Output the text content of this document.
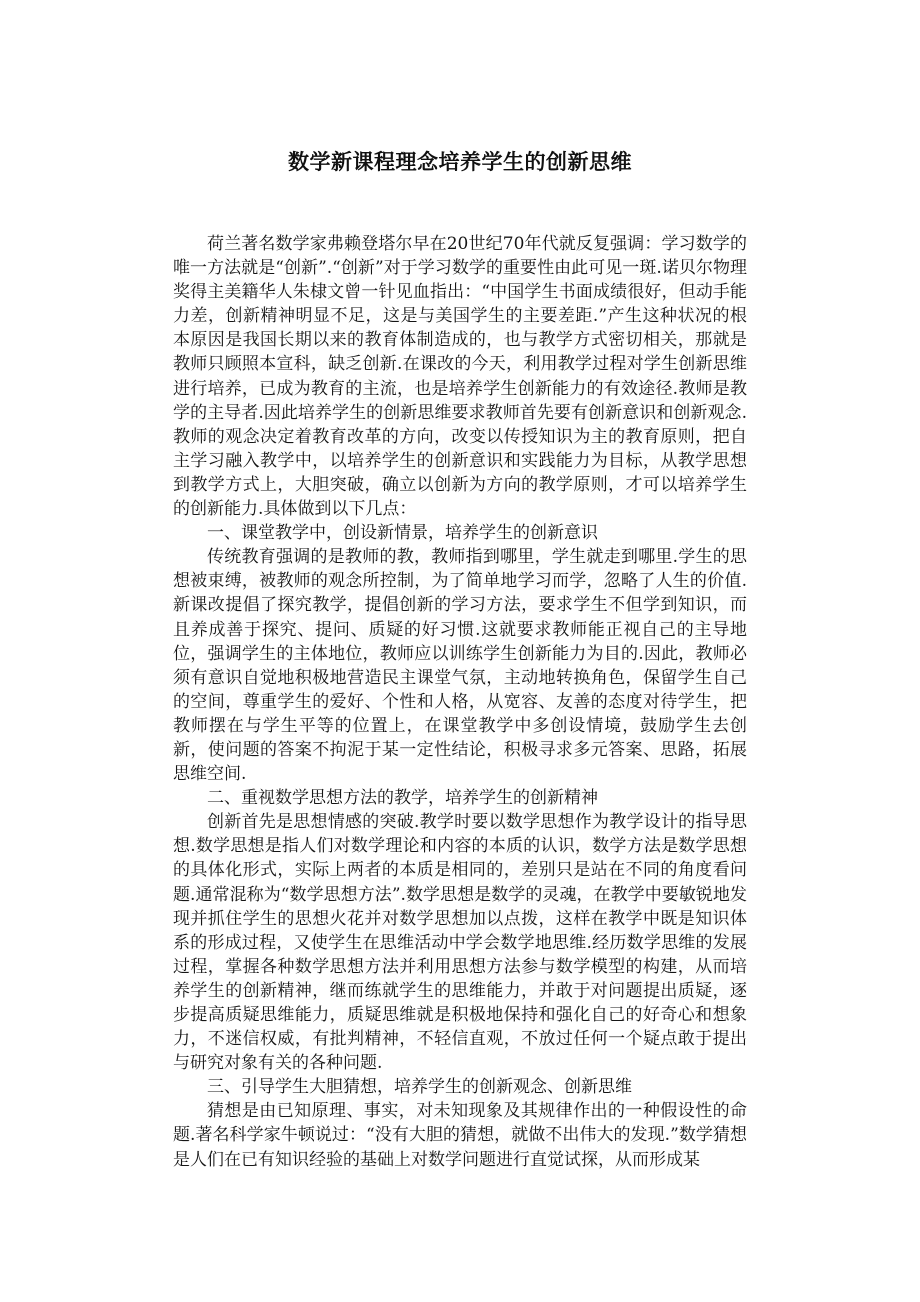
数学新课程理念培养学生的创新思维

荷兰著名数学家弗赖登塔尔早在20世纪70年代就反复强调：学习数学的唯一方法就是“创新”.“创新”对于学习数学的重要性由此可见一斑.诺贝尔物理奖得主美籍华人朱棣文曾一针见血指出：“中国学生书面成绩很好，但动手能力差，创新精神明显不足，这是与美国学生的主要差距.”产生这种状况的根本原因是我国长期以来的教育体制造成的，也与教学方式密切相关，那就是教师只顾照本宣科，缺乏创新.在课改的今天，利用教学过程对学生创新思维进行培养，已成为教育的主流，也是培养学生创新能力的有效途径.教师是教学的主导者.因此培养学生的创新思维要求教师首先要有创新意识和创新观念.教师的观念决定着教育改革的方向，改变以传授知识为主的教育原则，把自主学习融入教学中，以培养学生的创新意识和实践能力为目标，从教学思想到教学方式上，大胆突破，确立以创新为方向的教学原则，才可以培养学生的创新能力.具体做到以下几点：

一、课堂教学中，创设新情景，培养学生的创新意识

传统教育强调的是教师的教，教师指到哪里，学生就走到哪里.学生的思想被束缚，被教师的观念所控制，为了简单地学习而学，忽略了人生的价值.新课改提倡了探究教学，提倡创新的学习方法，要求学生不但学到知识，而且养成善于探究、提问、质疑的好习惯.这就要求教师能正视自己的主导地位，强调学生的主体地位，教师应以训练学生创新能力为目的.因此，教师必须有意识自觉地积极地营造民主课堂气氛，主动地转换角色，保留学生自己的空间，尊重学生的爱好、个性和人格，从宽容、友善的态度对待学生，把教师摆在与学生平等的位置上，在课堂教学中多创设情境，鼓励学生去创新，使问题的答案不拘泥于某一定性结论，积极寻求多元答案、思路，拓展思维空间.

二、重视数学思想方法的教学，培养学生的创新精神

创新首先是思想情感的突破.教学时要以数学思想作为教学设计的指导思想.数学思想是指人们对数学理论和内容的本质的认识，数学方法是数学思想的具体化形式，实际上两者的本质是相同的，差别只是站在不同的角度看问题.通常混称为“数学思想方法”.数学思想是数学的灵魂，在教学中要敏锐地发现并抓住学生的思想火花并对数学思想加以点拨，这样在教学中既是知识体系的形成过程，又使学生在思维活动中学会数学地思维.经历数学思维的发展过程，掌握各种数学思想方法并利用思想方法参与数学模型的构建，从而培养学生的创新精神，继而练就学生的思维能力，并敢于对问题提出质疑，逐步提高质疑思维能力，质疑思维就是积极地保持和强化自己的好奇心和想象力，不迷信权威，有批判精神，不轻信直观，不放过任何一个疑点敢于提出与研究对象有关的各种问题.

三、引导学生大胆猜想，培养学生的创新观念、创新思维

猜想是由已知原理、事实，对未知现象及其规律作出的一种假设性的命题.著名科学家牛顿说过：“没有大胆的猜想，就做不出伟大的发现.”数学猜想是人们在已有知识经验的基础上对数学问题进行直觉试探，从而形成某
